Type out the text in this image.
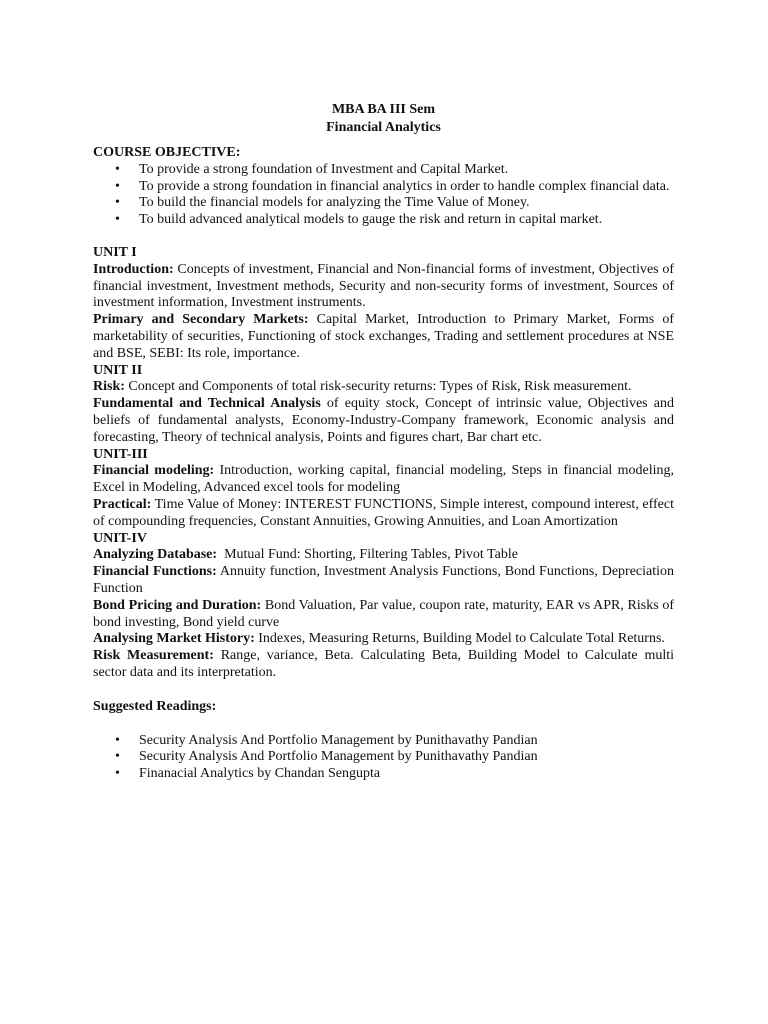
MBA BA III Sem
Financial Analytics
COURSE OBJECTIVE:
• To provide a strong foundation of Investment and Capital Market.
• To provide a strong foundation in financial analytics in order to handle complex financial data.
• To build the financial models for analyzing the Time Value of Money.
• To build advanced analytical models to gauge the risk and return in capital market.
UNIT I

Introduction: Concepts of investment, Financial and Non-financial forms of investment, Objectives of financial investment, Investment methods, Security and non-security forms of investment, Sources of investment information, Investment instruments.

Primary and Secondary Markets: Capital Market, Introduction to Primary Market, Forms of marketability of securities, Functioning of stock exchanges, Trading and settlement procedures at NSE and BSE, SEBI: Its role, importance.

UNIT II

Risk: Concept and Components of total risk-security returns: Types of Risk, Risk measurement.

Fundamental and Technical Analysis of equity stock, Concept of intrinsic value, Objectives and beliefs of fundamental analysts, Economy-Industry-Company framework, Economic analysis and forecasting, Theory of technical analysis, Points and figures chart, Bar chart etc.

UNIT-III

Financial modeling: Introduction, working capital, financial modeling, Steps in financial modeling, Excel in Modeling, Advanced excel tools for modeling

Practical: Time Value of Money: INTEREST FUNCTIONS, Simple interest, compound interest, effect of compounding frequencies, Constant Annuities, Growing Annuities, and Loan Amortization

UNIT-IV

Analyzing Database:  Mutual Fund: Shorting, Filtering Tables, Pivot Table

Financial Functions: Annuity function, Investment Analysis Functions, Bond Functions, Depreciation Function

Bond Pricing and Duration: Bond Valuation, Par value, coupon rate, maturity, EAR vs APR, Risks of bond investing, Bond yield curve

Analysing Market History: Indexes, Measuring Returns, Building Model to Calculate Total Returns.

Risk Measurement: Range, variance, Beta. Calculating Beta, Building Model to Calculate multi sector data and its interpretation.

Suggested Readings:
• Security Analysis And Portfolio Management by Punithavathy Pandian
• Security Analysis And Portfolio Management by Punithavathy Pandian
• Finanacial Analytics by Chandan Sengupta
